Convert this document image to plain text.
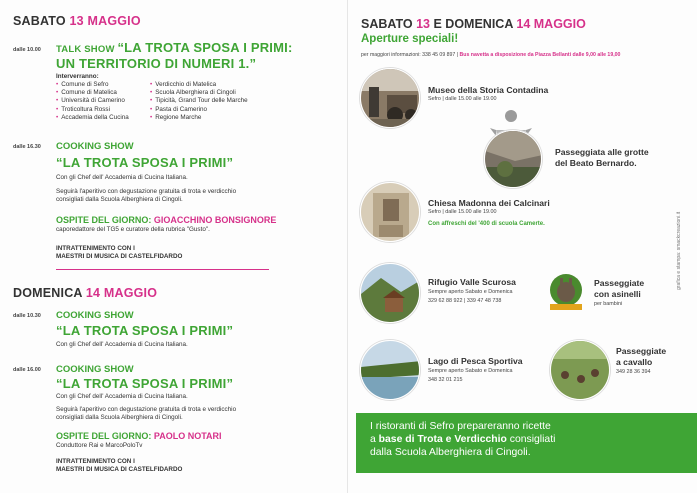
SABATO 13 MAGGIO
dalle 10.00 TALK SHOW “LA TROTA SPOSA I PRIMI:
UN TERRITORIO DI NUMERI 1.”
Interverranno:
• Comune di Sefro
• Comune di Matelica
• Università di Camerino
• Troticoltura Rossi
• Accademia della Cucina
• Verdicchio di Matelica
• Scuola Alberghiera di Cingoli
• Tipicità, Grand Tour delle Marche
• Pasta di Camerino
• Regione Marche
dalle 16.30 COOKING SHOW
“LA TROTA SPOSA I PRIMI”
Con gli Chef dell' Accademia di Cucina Italiana.
Seguirà l'aperitivo con degustazione gratuita di trota e verdicchio
consigliati dalla Scuola Alberghiera di Cingoli.
OSPITE DEL GIORNO: GIOACCHINO BONSIGNORE
caporedattore del TG5 e curatore della rubrica "Gusto".
INTRATTENIMENTO CON I
MAESTRI DI MUSICA DI CASTELFIDARDO
DOMENICA 14 MAGGIO
dalle 10.30 COOKING SHOW
“LA TROTA SPOSA I PRIMI”
Con gli Chef dell' Accademia di Cucina Italiana.
dalle 16.00 COOKING SHOW
“LA TROTA SPOSA I PRIMI”
Con gli Chef dell' Accademia di Cucina Italiana.
Seguirà l'aperitivo con degustazione gratuita di trota e verdicchio
consigliati dalla Scuola Alberghiera di Cingoli.
OSPITE DEL GIORNO: PAOLO NOTARI
Conduttore Rai e MarcoPoloTv
INTRATTENIMENTO CON I
MAESTRI DI MUSICA DI CASTELFIDARDO
SABATO 13 E DOMENICA 14 MAGGIO
Aperture speciali!
per maggiori informazioni: 338 45 09 897 | Bus navetta a disposizione da Piazza Bellanti dalle 9,00 alle 19,00
Museo della Storia Contadina
Sefro | dalle 15.00 alle 19.00
Passeggiata alle grotte
del Beato Bernardo.
Chiesa Madonna dei Calcinari
Sefro | dalle 15.00 alle 19.00
Con affreschi del '400 di scuola Camerte.	grafica e stampa: smackcreazioni.it
Rifugio Valle Scurosa
Sempre aperto Sabato e Domenica
329 62 88 922 | 339 47 48 738
Passeggiate
con asinelli
per bambini
Lago di Pesca Sportiva
Sempre aperto Sabato e Domenica
348 32 01 215
Passeggiate
a cavallo
349 28 36 394
I ristoranti di Sefro prepareranno ricette
a base di Trota e Verdicchio consigliati
dalla Scuola Alberghiera di Cingoli.
